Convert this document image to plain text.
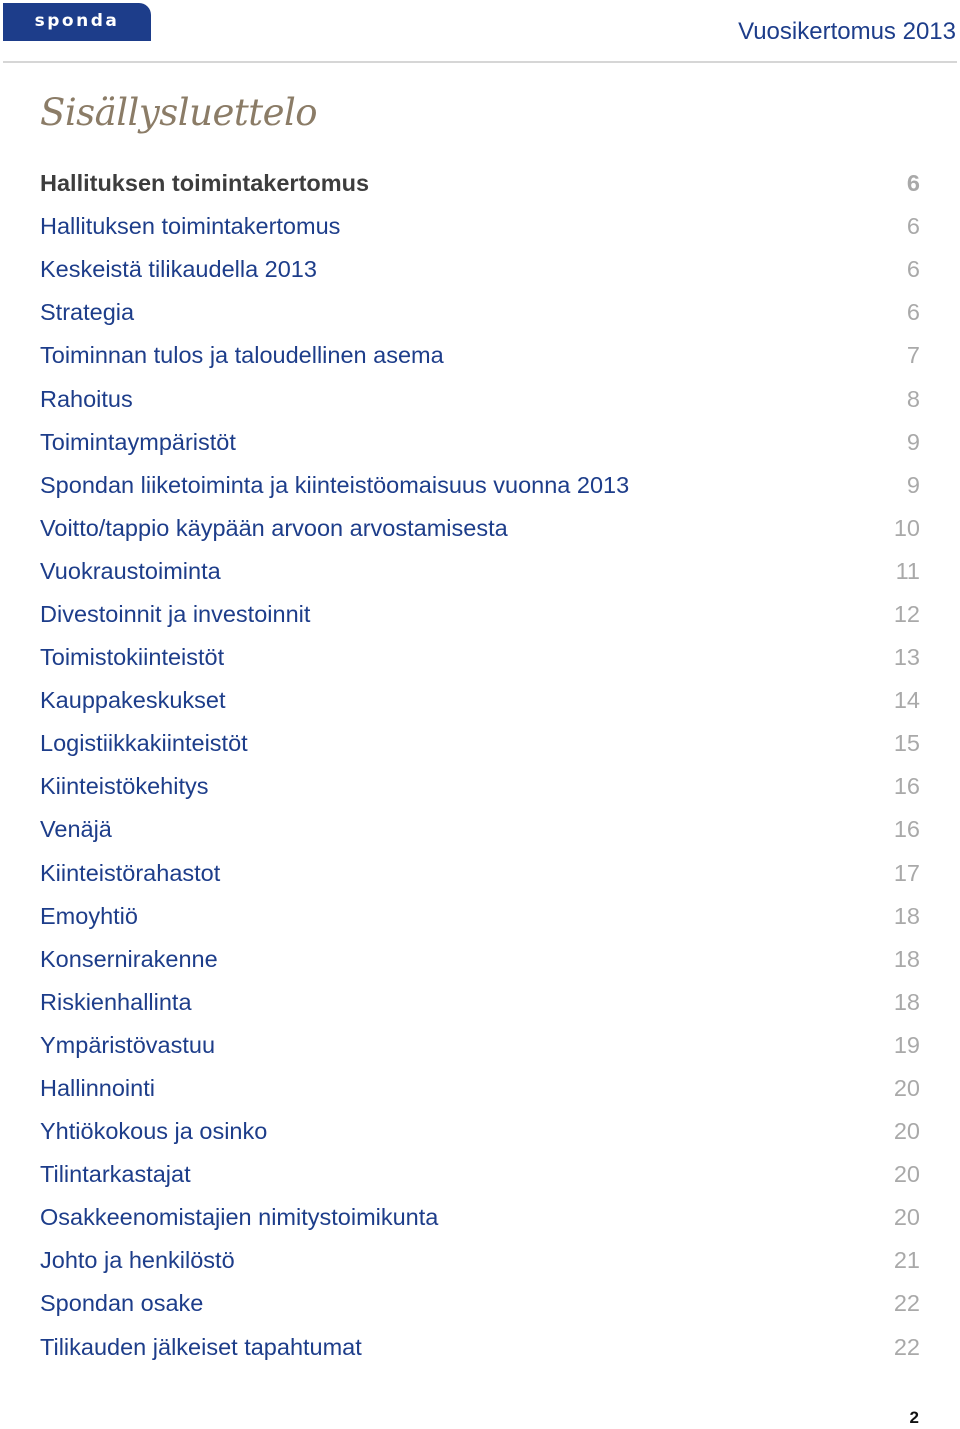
sponda	Vuosikertomus 2013
Sisällysluettelo
Hallituksen toimintakertomus	6
Hallituksen toimintakertomus	6
Keskeistä tilikaudella 2013	6
Strategia	6
Toiminnan tulos ja taloudellinen asema	7
Rahoitus	8
Toimintaympäristöt	9
Spondan liiketoiminta ja kiinteistöomaisuus vuonna 2013	9
Voitto/tappio käypään arvoon arvostamisesta	10
Vuokraustoiminta	11
Divestoinnit ja investoinnit	12
Toimistokiinteistöt	13
Kauppakeskukset	14
Logistiikkakiinteistöt	15
Kiinteistökehitys	16
Venäjä	16
Kiinteistörahastot	17
Emoyhtiö	18
Konsernirakenne	18
Riskienhallinta	18
Ympäristövastuu	19
Hallinnointi	20
Yhtiökokous ja osinko	20
Tilintarkastajat	20
Osakkeenomistajien nimitystoimikunta	20
Johto ja henkilöstö	21
Spondan osake	22
Tilikauden jälkeiset tapahtumat	22
2
